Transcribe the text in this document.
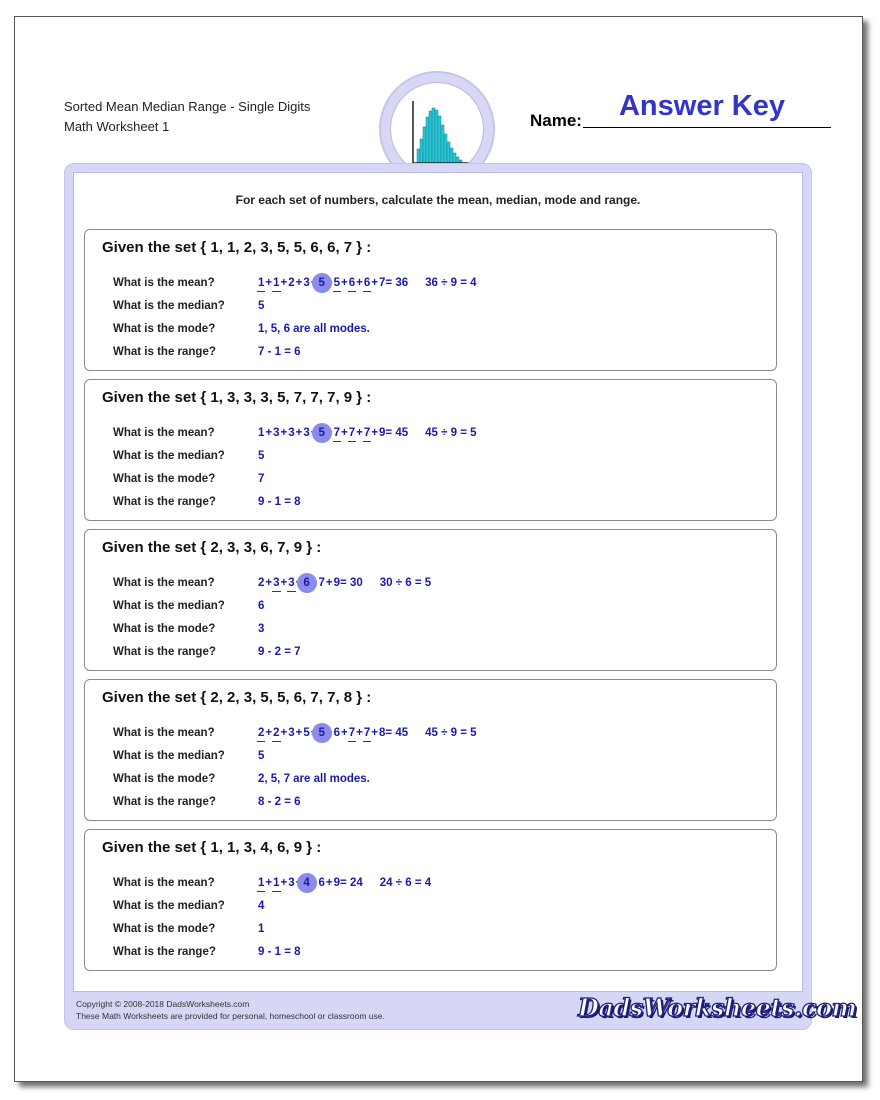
Sorted Mean Median Range - Single Digits
Math Worksheet 1
Answer Key
Name:
For each set of numbers, calculate the mean, median, mode and range.
Given the set { 1, 1, 2, 3, 5, 5, 6, 6, 7 } :
What is the mean?
What is the median?
What is the mode?
What is the range?
1+1+2+3+5+5+6+6+7= 36 36 ÷ 9 = 4
5
1, 5, 6 are all modes.
7 - 1 = 6
Given the set { 1, 3, 3, 3, 5, 7, 7, 7, 9 } :
What is the mean?
What is the median?
What is the mode?
What is the range?
1+3+3+3+5+7+7+7+9= 45 45 ÷ 9 = 5
5
7
9 - 1 = 8
Given the set { 2, 3, 3, 6, 7, 9 } :
What is the mean?
What is the median?
What is the mode?
What is the range?
2+3+3+6+7+9= 30 30 ÷ 6 = 5
6
3
9 - 2 = 7
Given the set { 2, 2, 3, 5, 5, 6, 7, 7, 8 } :
What is the mean?
What is the median?
What is the mode?
What is the range?
2+2+3+5+5+6+7+7+8= 45 45 ÷ 9 = 5
5
2, 5, 7 are all modes.
8 - 2 = 6
Given the set { 1, 1, 3, 4, 6, 9 } :
What is the mean?
What is the median?
What is the mode?
What is the range?
1+1+3+4+6+9= 24 24 ÷ 6 = 4
4
1
9 - 1 = 8
Copyright © 2008-2018 DadsWorksheets.com
These Math Worksheets are provided for personal, homeschool or classroom use.	DadsWorksheets.com
